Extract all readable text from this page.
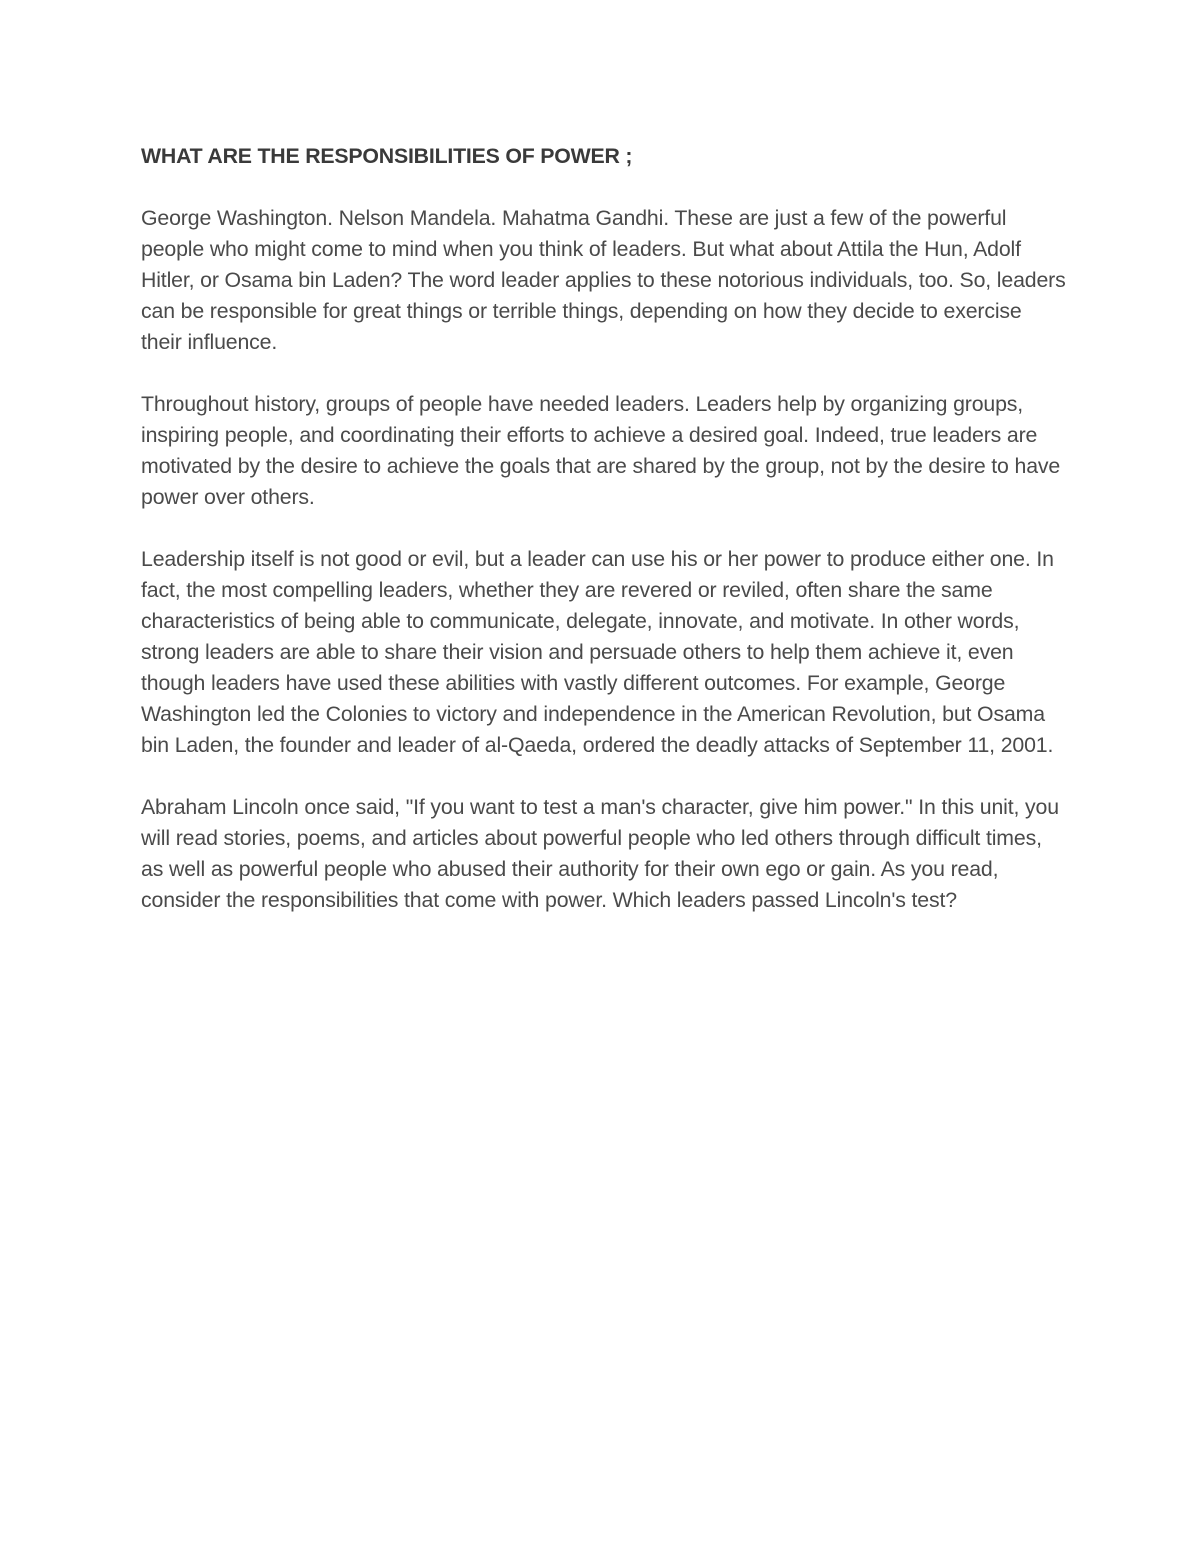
WHAT ARE THE RESPONSIBILITIES OF POWER ;

George Washington. Nelson Mandela. Mahatma Gandhi. These are just a few of the powerful people who might come to mind when you think of leaders. But what about Attila the Hun, Adolf Hitler, or Osama bin Laden? The word leader applies to these notorious individuals, too. So, leaders can be responsible for great things or terrible things, depending on how they decide to exercise their influence.

Throughout history, groups of people have needed leaders. Leaders help by organizing groups, inspiring people, and coordinating their efforts to achieve a desired goal. Indeed, true leaders are motivated by the desire to achieve the goals that are shared by the group, not by the desire to have power over others.

Leadership itself is not good or evil, but a leader can use his or her power to produce either one. In fact, the most compelling leaders, whether they are revered or reviled, often share the same characteristics of being able to communicate, delegate, innovate, and motivate. In other words, strong leaders are able to share their vision and persuade others to help them achieve it, even though leaders have used these abilities with vastly different outcomes. For example, George Washington led the Colonies to victory and independence in the American Revolution, but Osama bin Laden, the founder and leader of al-Qaeda, ordered the deadly attacks of September 11, 2001.

Abraham Lincoln once said, "If you want to test a man's character, give him power." In this unit, you will read stories, poems, and articles about powerful people who led others through difficult times, as well as powerful people who abused their authority for their own ego or gain. As you read, consider the responsibilities that come with power. Which leaders passed Lincoln's test?
